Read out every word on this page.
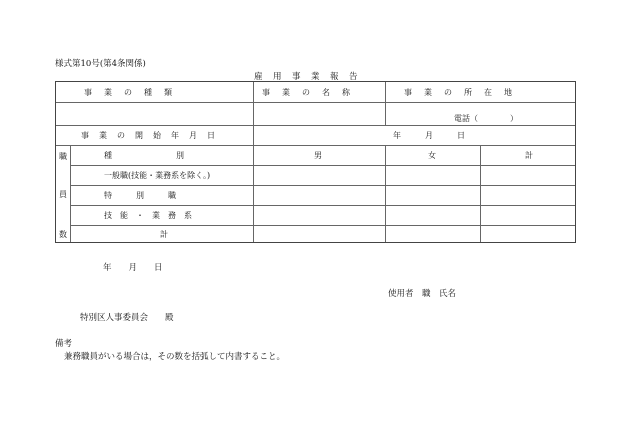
様式第10号(第4条関係)
雇　用　事　業　報　告
事　業　の　種　類	事　業　の　名　称	事　業　の　所　在　地
電話（　　　　）
事　業　の　開　始　年　月　日	年　　　月　　　日
職
員
数
種　　　　　　　　別	男	女	計
一般職(技能・業務系を除く。)
特　　　別　　　職
技　能　・　業　務　系
計
年　　月　　日
使用者　職　氏名
特別区人事委員会　　殿
備考
兼務職員がいる場合は，その数を括弧して内書すること。
